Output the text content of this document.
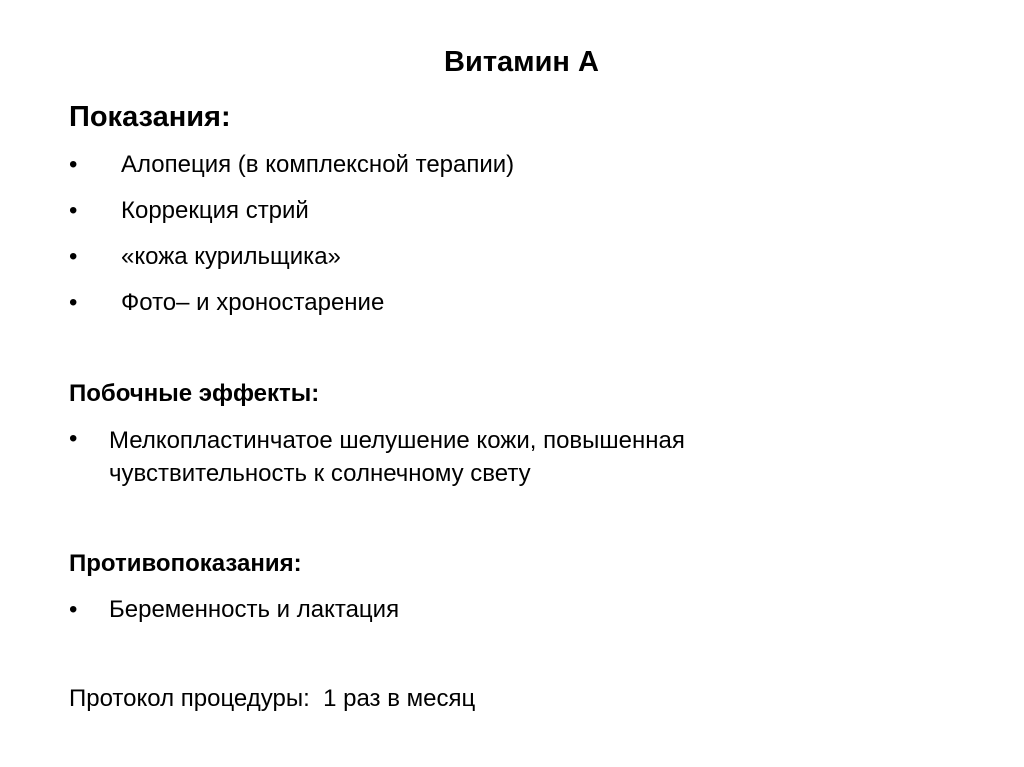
Витамин А
Показания:
• Алопеция (в комплексной терапии)
• Коррекция стрий
• «кожа курильщика»
• Фото– и хроностарение
Побочные эффекты:
• Мелкопластинчатое шелушение кожи, повышенная чувствительность к солнечному свету
Противопоказания:
• Беременность и лактация
Протокол процедуры:  1 раз в месяц
